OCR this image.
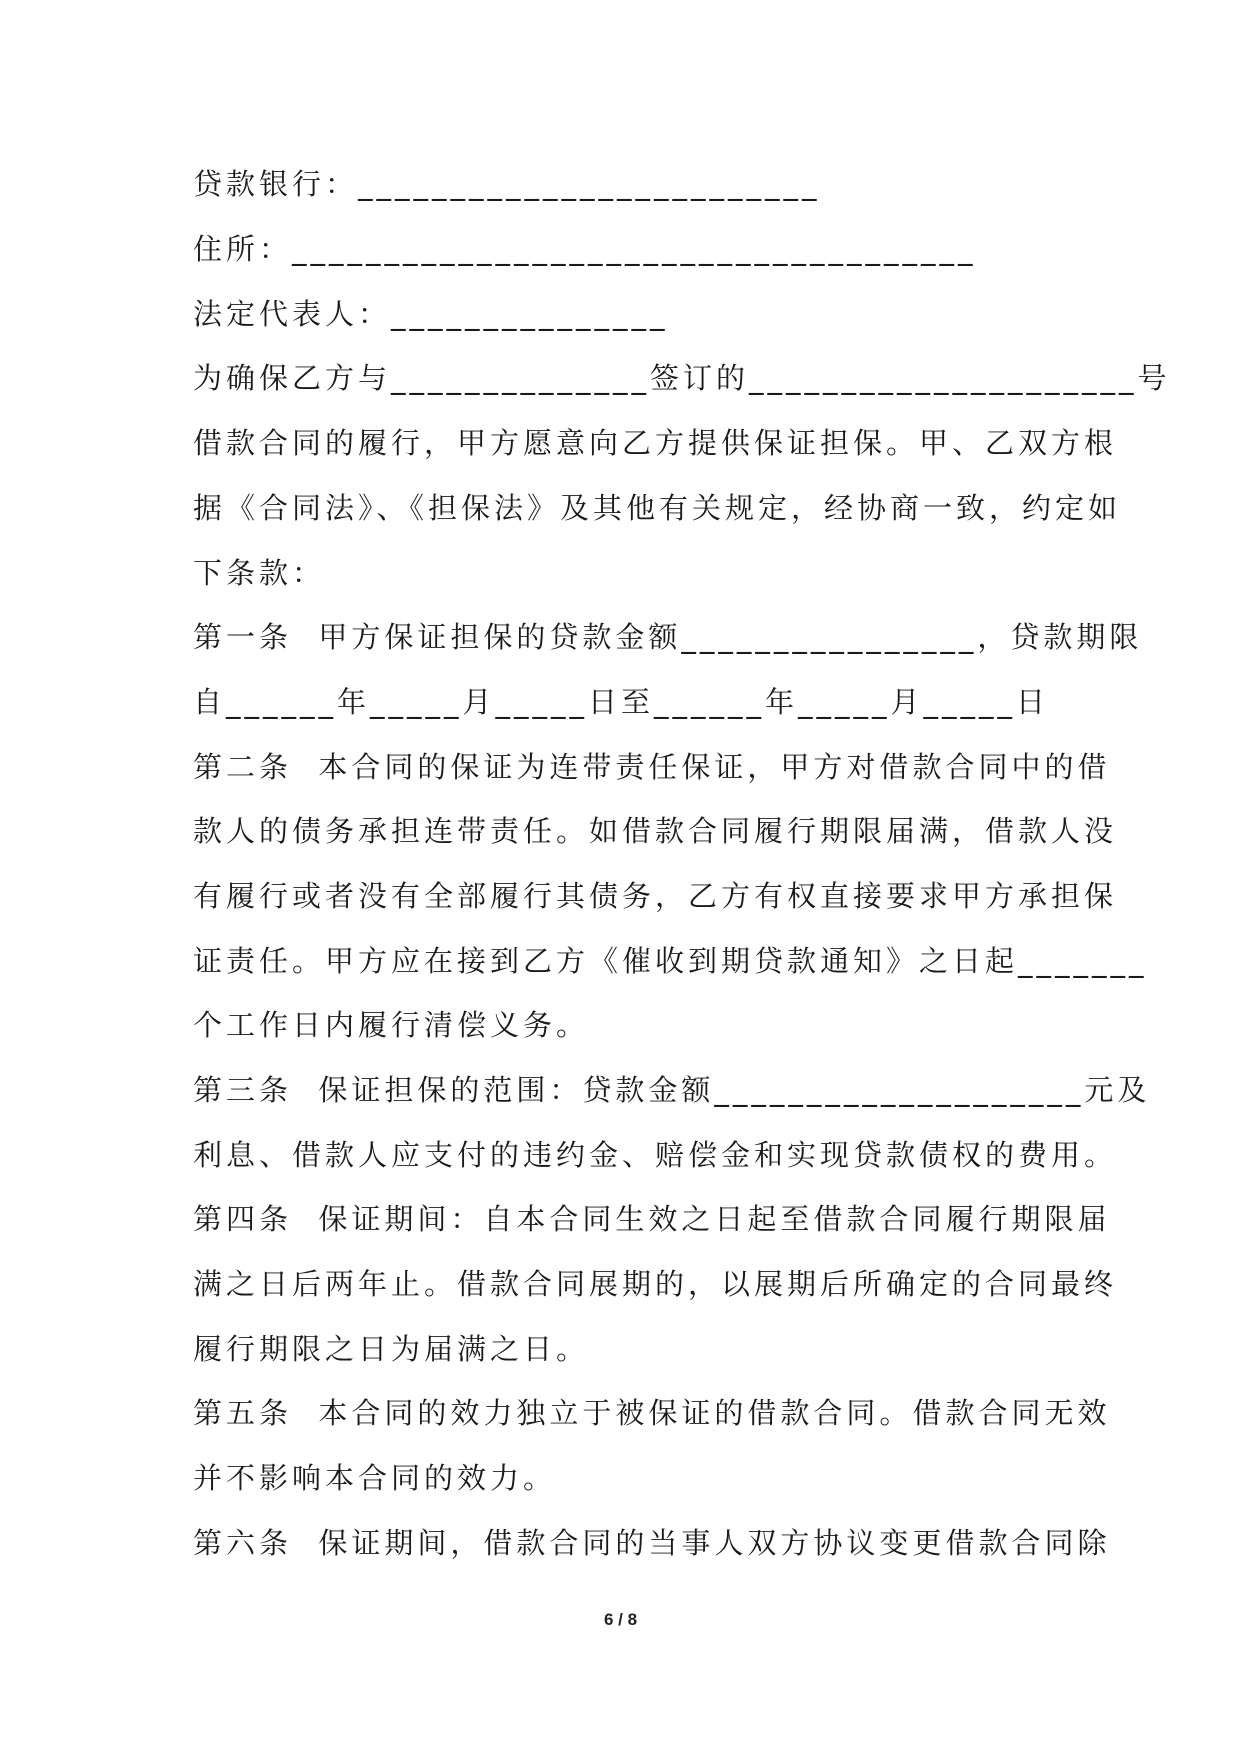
贷款银行：_________________________
住所：_____________________________________
法定代表人：_______________
为确保乙方与______________签订的_____________________号
借款合同的履行，甲方愿意向乙方提供保证担保。甲、乙双方根
据《合同法》、《担保法》及其他有关规定，经协商一致，约定如
下条款：
第一条  甲方保证担保的贷款金额________________，贷款期限
自______年_____月_____日至______年_____月_____日
第二条  本合同的保证为连带责任保证，甲方对借款合同中的借
款人的债务承担连带责任。如借款合同履行期限届满，借款人没
有履行或者没有全部履行其债务，乙方有权直接要求甲方承担保
证责任。甲方应在接到乙方《催收到期贷款通知》之日起_______
个工作日内履行清偿义务。
第三条  保证担保的范围：贷款金额____________________元及
利息、借款人应支付的违约金、赔偿金和实现贷款债权的费用。
第四条  保证期间：自本合同生效之日起至借款合同履行期限届
满之日后两年止。借款合同展期的，以展期后所确定的合同最终
履行期限之日为届满之日。
第五条  本合同的效力独立于被保证的借款合同。借款合同无效
并不影响本合同的效力。
第六条  保证期间，借款合同的当事人双方协议变更借款合同除
6 / 8
